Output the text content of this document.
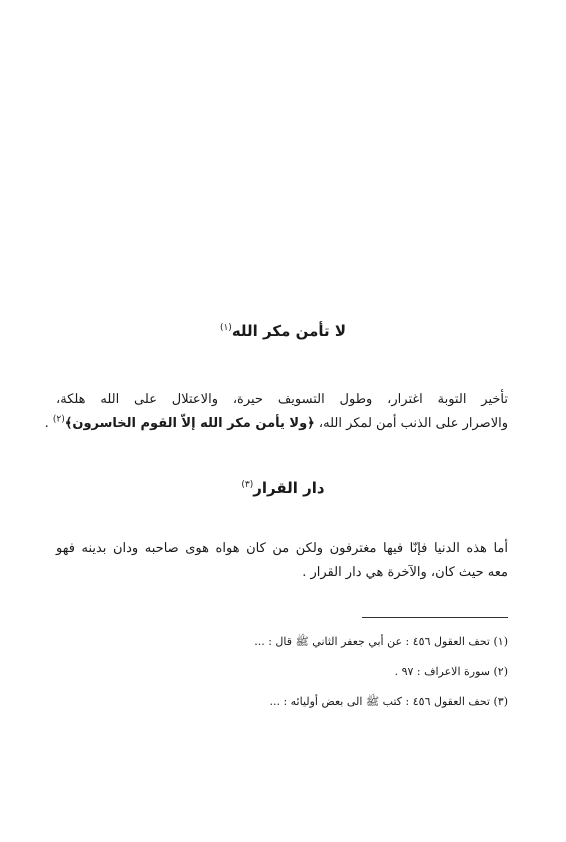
لا تأمن مكر الله$^{(١)}$
تأخير التوبة اغترار، وطول التسويف حيرة، والاعتلال على الله هلكة،
والاصرار على الذنب أمن لمكر الله، ﴿ولا يأمن مكر الله إلاّ القوم الخاسرون﴾$^{(٢)}$ .
دار القرار$^{(٣)}$
أما هذه الدنيا فإنّا فيها مغترفون ولكن من كان هواه هوى صاحبه ودان بدينه فهو
معه حيث كان، والآخرة هي دار القرار .
(١) تحف العقول ٤٥٦ : عن أبي جعفر الثاني ﷺ قال : ...
(٢) سورة الاعراف : ٩٧ .
(٣) تحف العقول ٤٥٦ : كتب ﷺ الى بعض أوليائه : ...
